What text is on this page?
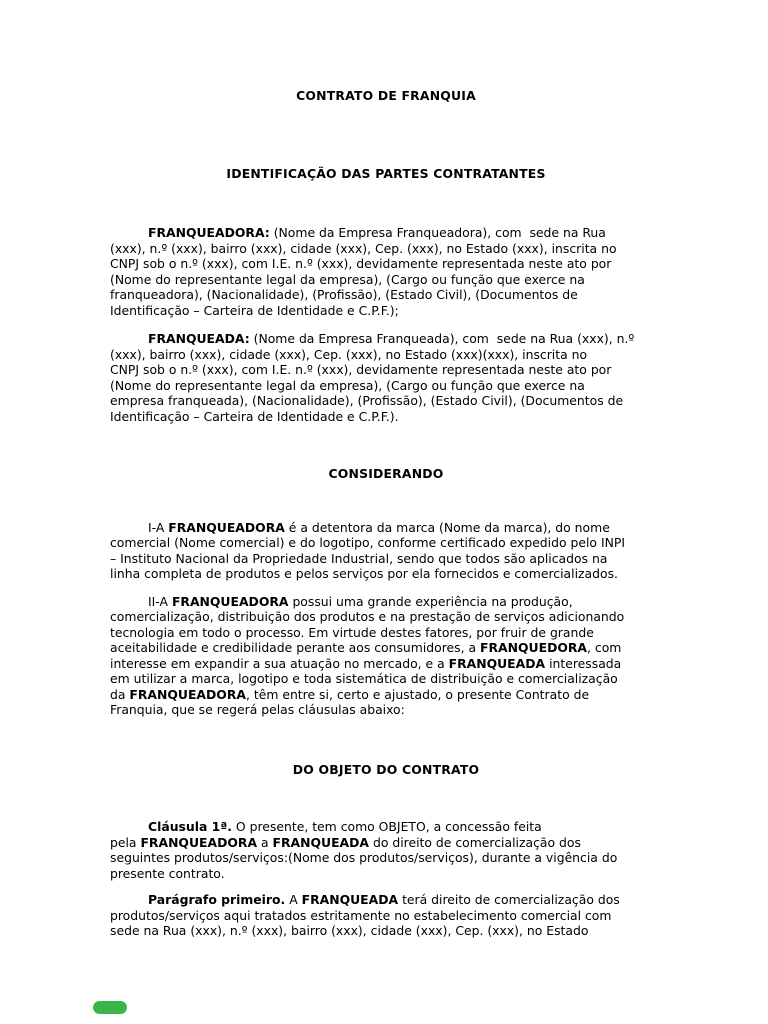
CONTRATO DE FRANQUIA
IDENTIFICAÇÃO DAS PARTES CONTRATANTES
FRANQUEADORA: (Nome da Empresa Franqueadora), com  sede na Rua
(xxx), n.º (xxx), bairro (xxx), cidade (xxx), Cep. (xxx), no Estado (xxx), inscrita no
CNPJ sob o n.º (xxx), com I.E. n.º (xxx), devidamente representada neste ato por
(Nome do representante legal da empresa), (Cargo ou função que exerce na
franqueadora), (Nacionalidade), (Profissão), (Estado Civil), (Documentos de
Identificação – Carteira de Identidade e C.P.F.);
FRANQUEADA: (Nome da Empresa Franqueada), com  sede na Rua (xxx), n.º
(xxx), bairro (xxx), cidade (xxx), Cep. (xxx), no Estado (xxx)(xxx), inscrita no
CNPJ sob o n.º (xxx), com I.E. n.º (xxx), devidamente representada neste ato por
(Nome do representante legal da empresa), (Cargo ou função que exerce na
empresa franqueada), (Nacionalidade), (Profissão), (Estado Civil), (Documentos de
Identificação – Carteira de Identidade e C.P.F.).
CONSIDERANDO
I-A FRANQUEADORA é a detentora da marca (Nome da marca), do nome
comercial (Nome comercial) e do logotipo, conforme certificado expedido pelo INPI
– Instituto Nacional da Propriedade Industrial, sendo que todos são aplicados na
linha completa de produtos e pelos serviços por ela fornecidos e comercializados.
II-A FRANQUEADORA possui uma grande experiência na produção,
comercialização, distribuição dos produtos e na prestação de serviços adicionando
tecnologia em todo o processo. Em virtude destes fatores, por fruir de grande
aceitabilidade e credibilidade perante aos consumidores, a FRANQUEDORA, com
interesse em expandir a sua atuação no mercado, e a FRANQUEADA interessada
em utilizar a marca, logotipo e toda sistemática de distribuição e comercialização
da FRANQUEADORA, têm entre si, certo e ajustado, o presente Contrato de
Franquia, que se regerá pelas cláusulas abaixo:
DO OBJETO DO CONTRATO
Cláusula 1ª. O presente, tem como OBJETO, a concessão feita
pela FRANQUEADORA a FRANQUEADA do direito de comercialização dos
seguintes produtos/serviços:(Nome dos produtos/serviços), durante a vigência do
presente contrato.
Parágrafo primeiro. A FRANQUEADA terá direito de comercialização dos
produtos/serviços aqui tratados estritamente no estabelecimento comercial com
sede na Rua (xxx), n.º (xxx), bairro (xxx), cidade (xxx), Cep. (xxx), no Estado
